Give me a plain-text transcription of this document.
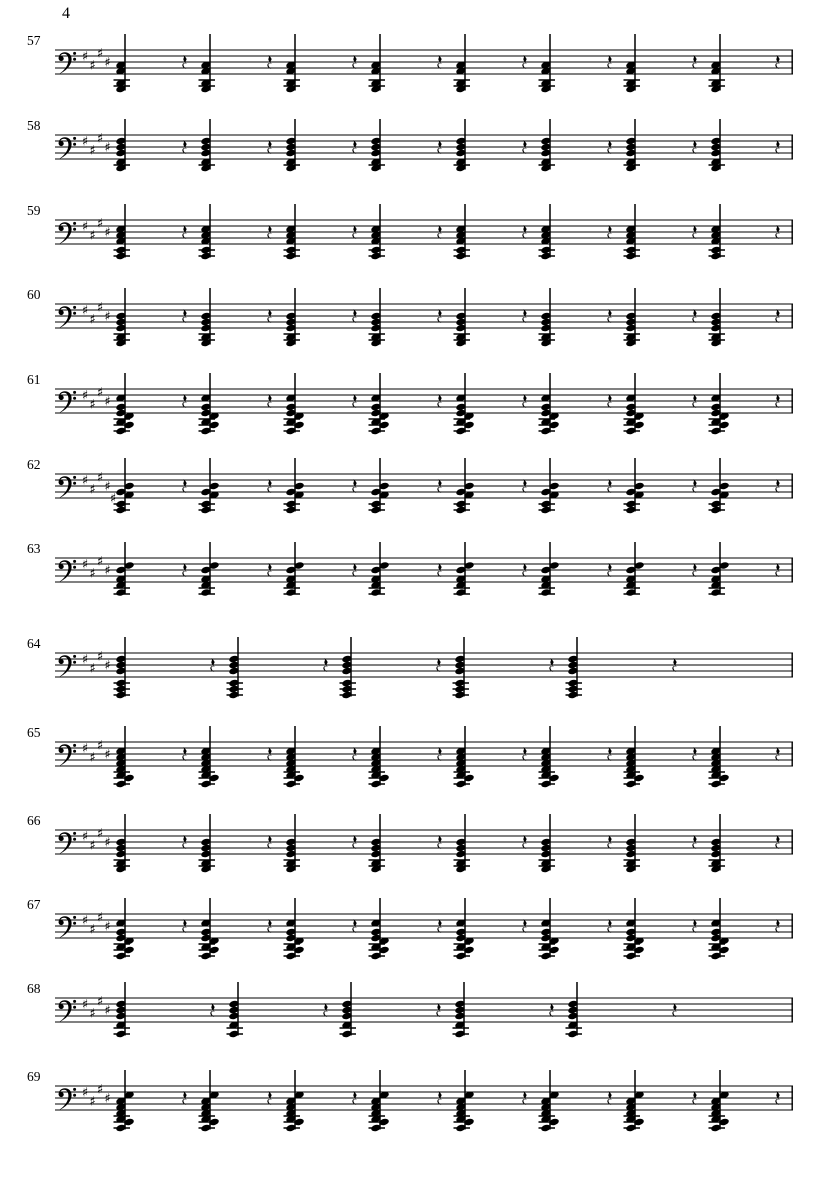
4
57
♯
♯
♯
♯
58
♯
♯
♯
♯
59
♯
♯
♯
♯
60
♯
♯
♯
♯
61
♯
♯
♯
♯
62
♯
♯
♯
♯
♯
63
♯
♯
♯
♯
64
♯
♯
♯
♯
65
♯
♯
♯
♯
66
♯
♯
♯
♯
67
♯
♯
♯
♯
68
♯
♯
♯
♯
69
♯
♯
♯
♯
